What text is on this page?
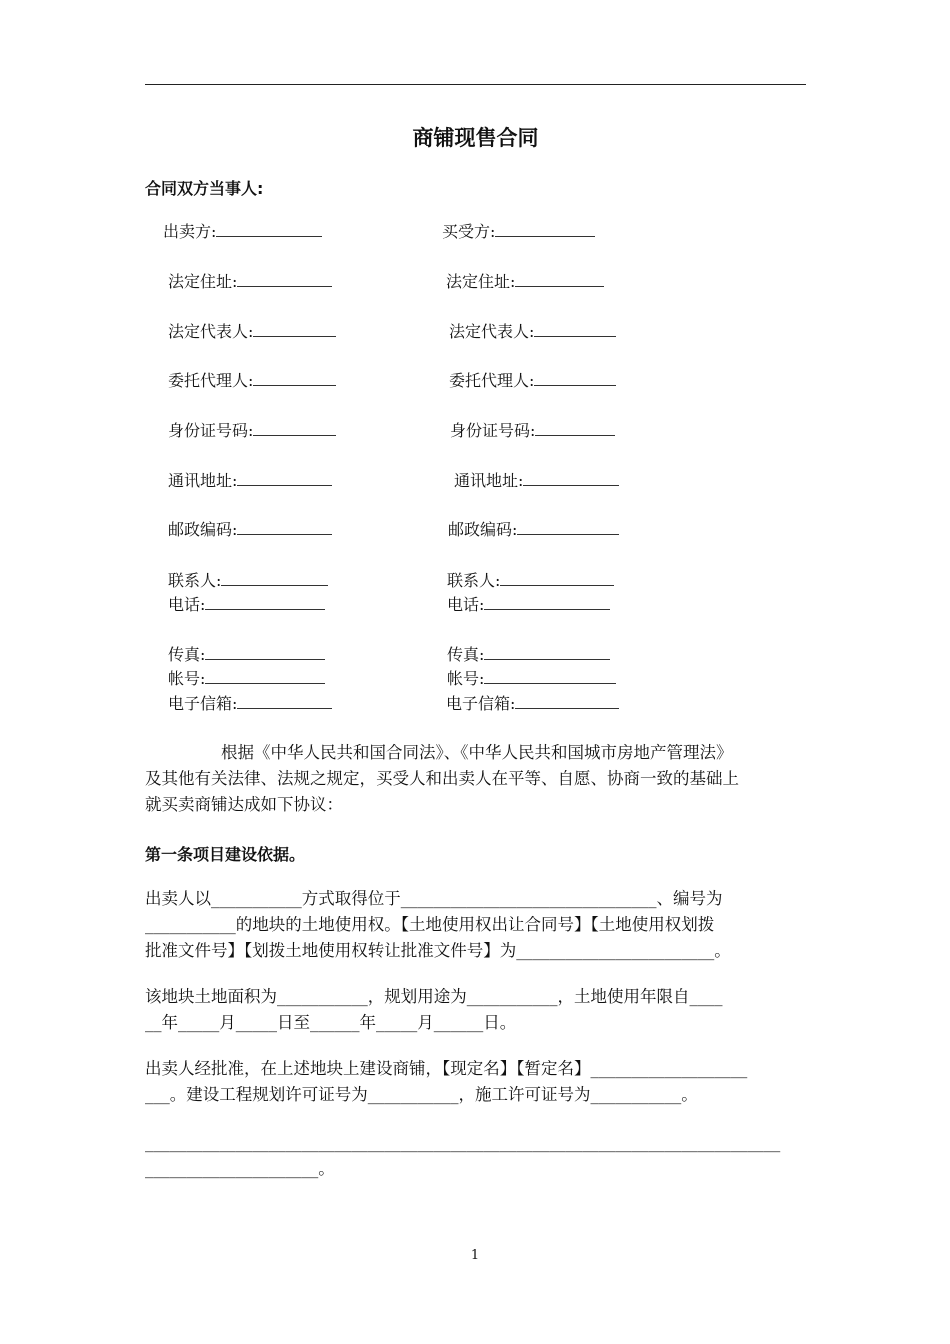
商铺现售合同
合同双方当事人:
出卖方:
法定住址:
法定代表人:
委托代理人:
身份证号码:
通讯地址:
邮政编码:
联系人:
电话:
传真:
帐号:
电子信箱:
买受方:
法定住址:
法定代表人:
委托代理人:
身份证号码:
通讯地址:
邮政编码:
联系人:
电话:
传真:
帐号:
电子信箱:
根据《中华人民共和国合同法》、《中华人民共和国城市房地产管理法》
及其他有关法律、法规之规定，买受人和出卖人在平等、自愿、协商一致的基础上
就买卖商铺达成如下协议：
第一条项目建设依据。
出卖人以___________方式取得位于_______________________________、编号为
___________的地块的土地使用权。【土地使用权出让合同号】【土地使用权划拨
批准文件号】【划拨土地使用权转让批准文件号】为________________________。
该地块土地面积为___________，规划用途为___________，土地使用年限自____
__年_____月_____日至______年_____月______日。
出卖人经批准，在上述地块上建设商铺，【现定名】【暂定名】___________________
___。建设工程规划许可证号为___________，施工许可证号为___________。
_____________________________________________________________________________
_____________________。
1
